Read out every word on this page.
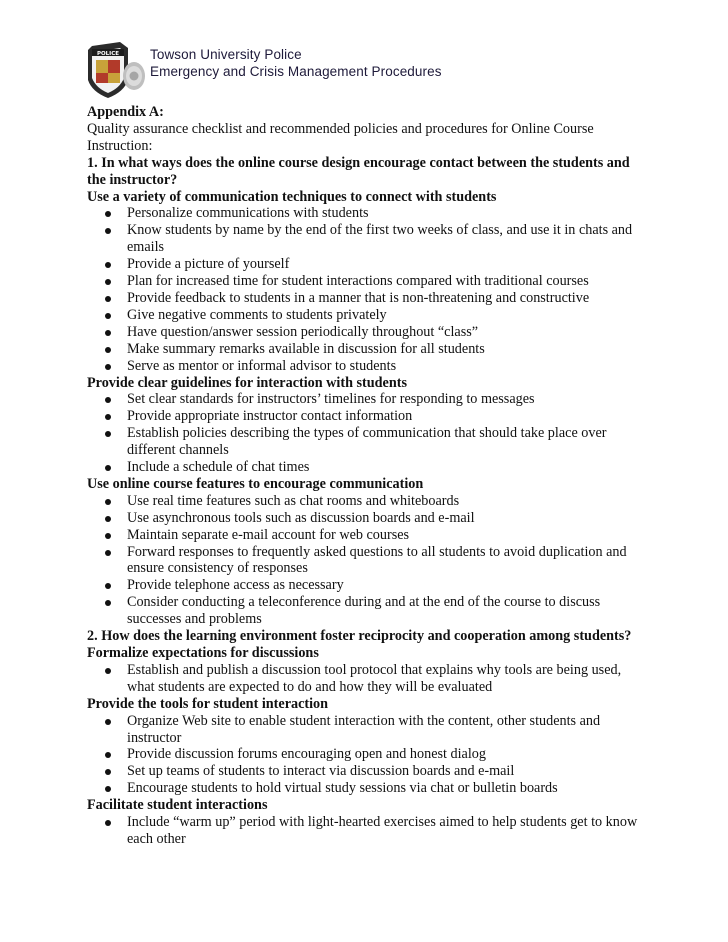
POLICE Towson University Police
Emergency and Crisis Management Procedures
Appendix A:
Quality assurance checklist and recommended policies and procedures for Online Course
Instruction:
1. In what ways does the online course design encourage contact between the students and
the instructor?
Use a variety of communication techniques to connect with students
Personalize communications with students
Know students by name by the end of the first two weeks of class, and use it in chats and
emails
Provide a picture of yourself
Plan for increased time for student interactions compared with traditional courses
Provide feedback to students in a manner that is non-threatening and constructive
Give negative comments to students privately
Have question/answer session periodically throughout “class”
Make summary remarks available in discussion for all students
Serve as mentor or informal advisor to students
Provide clear guidelines for interaction with students
Set clear standards for instructors’ timelines for responding to messages
Provide appropriate instructor contact information
Establish policies describing the types of communication that should take place over
different channels
Include a schedule of chat times
Use online course features to encourage communication
Use real time features such as chat rooms and whiteboards
Use asynchronous tools such as discussion boards and e-mail
Maintain separate e-mail account for web courses
Forward responses to frequently asked questions to all students to avoid duplication and
ensure consistency of responses
Provide telephone access as necessary
Consider conducting a teleconference during and at the end of the course to discuss
successes and problems
2. How does the learning environment foster reciprocity and cooperation among students?
Formalize expectations for discussions
Establish and publish a discussion tool protocol that explains why tools are being used,
what students are expected to do and how they will be evaluated
Provide the tools for student interaction
Organize Web site to enable student interaction with the content, other students and
instructor
Provide discussion forums encouraging open and honest dialog
Set up teams of students to interact via discussion boards and e-mail
Encourage students to hold virtual study sessions via chat or bulletin boards
Facilitate student interactions
Include “warm up” period with light-hearted exercises aimed to help students get to know
each other
